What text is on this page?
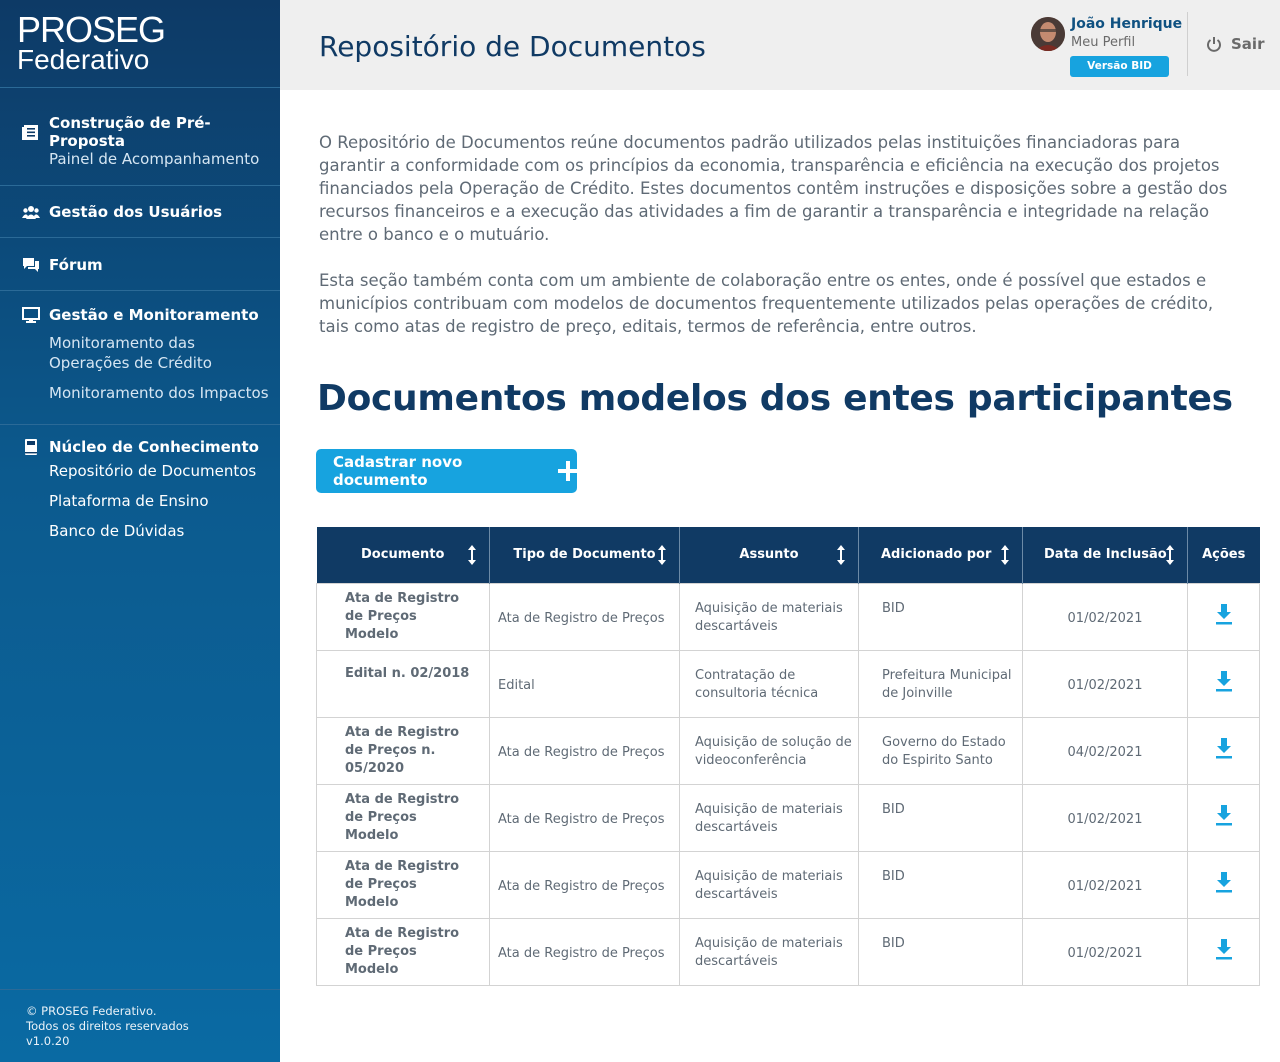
PROSEG
Federativo
Construção de Pré-Proposta
Painel de Acompanhamento
Gestão dos Usuários
Fórum
Gestão e Monitoramento
Monitoramento das Operações de Crédito
Monitoramento dos Impactos
Núcleo de Conhecimento
Repositório de Documentos
Plataforma de Ensino
Banco de Dúvidas
© PROSEG Federativo.
Todos os direitos reservados
v1.0.20
Repositório de Documentos
João Henrique
Meu Perfil
Versão BID
Sair

O Repositório de Documentos reúne documentos padrão utilizados pelas instituições financiadoras para garantir a conformidade com os princípios da economia, transparência e eficiência na execução dos projetos financiados pela Operação de Crédito. Estes documentos contêm instruções e disposições sobre a gestão dos recursos financeiros e a execução das atividades a fim de garantir a transparência e integridade na relação entre o banco e o mutuário.

Esta seção também conta com um ambiente de colaboração entre os entes, onde é possível que estados e municípios contribuam com modelos de documentos frequentemente utilizados pelas operações de crédito, tais como atas de registro de preço, editais, termos de referência, entre outros.

Documentos modelos dos entes participantes
Cadastrar novo documento
Documento	Tipo de Documento	Assunto	Adicionado por	Data de Inclusão	Ações
Ata de Registro de Preços Modelo	Ata de Registro de Preços	Aquisição de materiais descartáveis	BID	01/02/2021	
Edital n. 02/2018	Edital	Contratação de consultoria técnica	Prefeitura Municipal de Joinville	01/02/2021	
Ata de Registro de Preços n. 05/2020	Ata de Registro de Preços	Aquisição de solução de videoconferência	Governo do Estado do Espirito Santo	04/02/2021	
Ata de Registro de Preços Modelo	Ata de Registro de Preços	Aquisição de materiais descartáveis	BID	01/02/2021	
Ata de Registro de Preços Modelo	Ata de Registro de Preços	Aquisição de materiais descartáveis	BID	01/02/2021	
Ata de Registro de Preços Modelo	Ata de Registro de Preços	Aquisição de materiais descartáveis	BID	01/02/2021	
